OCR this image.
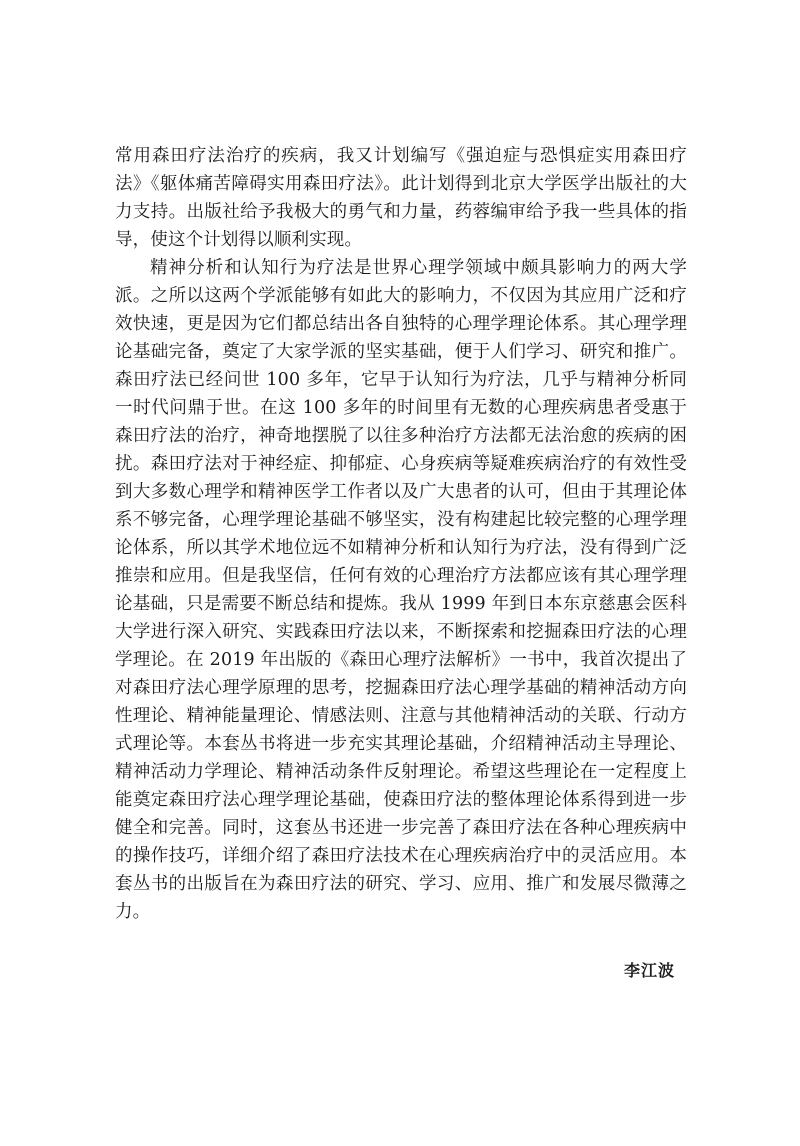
常用森田疗法治疗的疾病，我又计划编写《强迫症与恐惧症实用森田疗法》《躯体痛苦障碍实用森田疗法》。此计划得到北京大学医学出版社的大力支持。出版社给予我极大的勇气和力量，药蓉编审给予我一些具体的指导，使这个计划得以顺利实现。

精神分析和认知行为疗法是世界心理学领域中颇具影响力的两大学派。之所以这两个学派能够有如此大的影响力，不仅因为其应用广泛和疗效快速，更是因为它们都总结出各自独特的心理学理论体系。其心理学理论基础完备，奠定了大家学派的坚实基础，便于人们学习、研究和推广。森田疗法已经问世 100 多年，它早于认知行为疗法，几乎与精神分析同一时代问鼎于世。在这 100 多年的时间里有无数的心理疾病患者受惠于森田疗法的治疗，神奇地摆脱了以往多种治疗方法都无法治愈的疾病的困扰。森田疗法对于神经症、抑郁症、心身疾病等疑难疾病治疗的有效性受到大多数心理学和精神医学工作者以及广大患者的认可，但由于其理论体系不够完备，心理学理论基础不够坚实，没有构建起比较完整的心理学理论体系，所以其学术地位远不如精神分析和认知行为疗法，没有得到广泛推崇和应用。但是我坚信，任何有效的心理治疗方法都应该有其心理学理论基础，只是需要不断总结和提炼。我从 1999 年到日本东京慈惠会医科大学进行深入研究、实践森田疗法以来，不断探索和挖掘森田疗法的心理学理论。在 2019 年出版的《森田心理疗法解析》一书中，我首次提出了对森田疗法心理学原理的思考，挖掘森田疗法心理学基础的精神活动方向性理论、精神能量理论、情感法则、注意与其他精神活动的关联、行动方式理论等。本套丛书将进一步充实其理论基础，介绍精神活动主导理论、精神活动力学理论、精神活动条件反射理论。希望这些理论在一定程度上能奠定森田疗法心理学理论基础，使森田疗法的整体理论体系得到进一步健全和完善。同时，这套丛书还进一步完善了森田疗法在各种心理疾病中的操作技巧，详细介绍了森田疗法技术在心理疾病治疗中的灵活应用。本套丛书的出版旨在为森田疗法的研究、学习、应用、推广和发展尽微薄之力。

李江波
